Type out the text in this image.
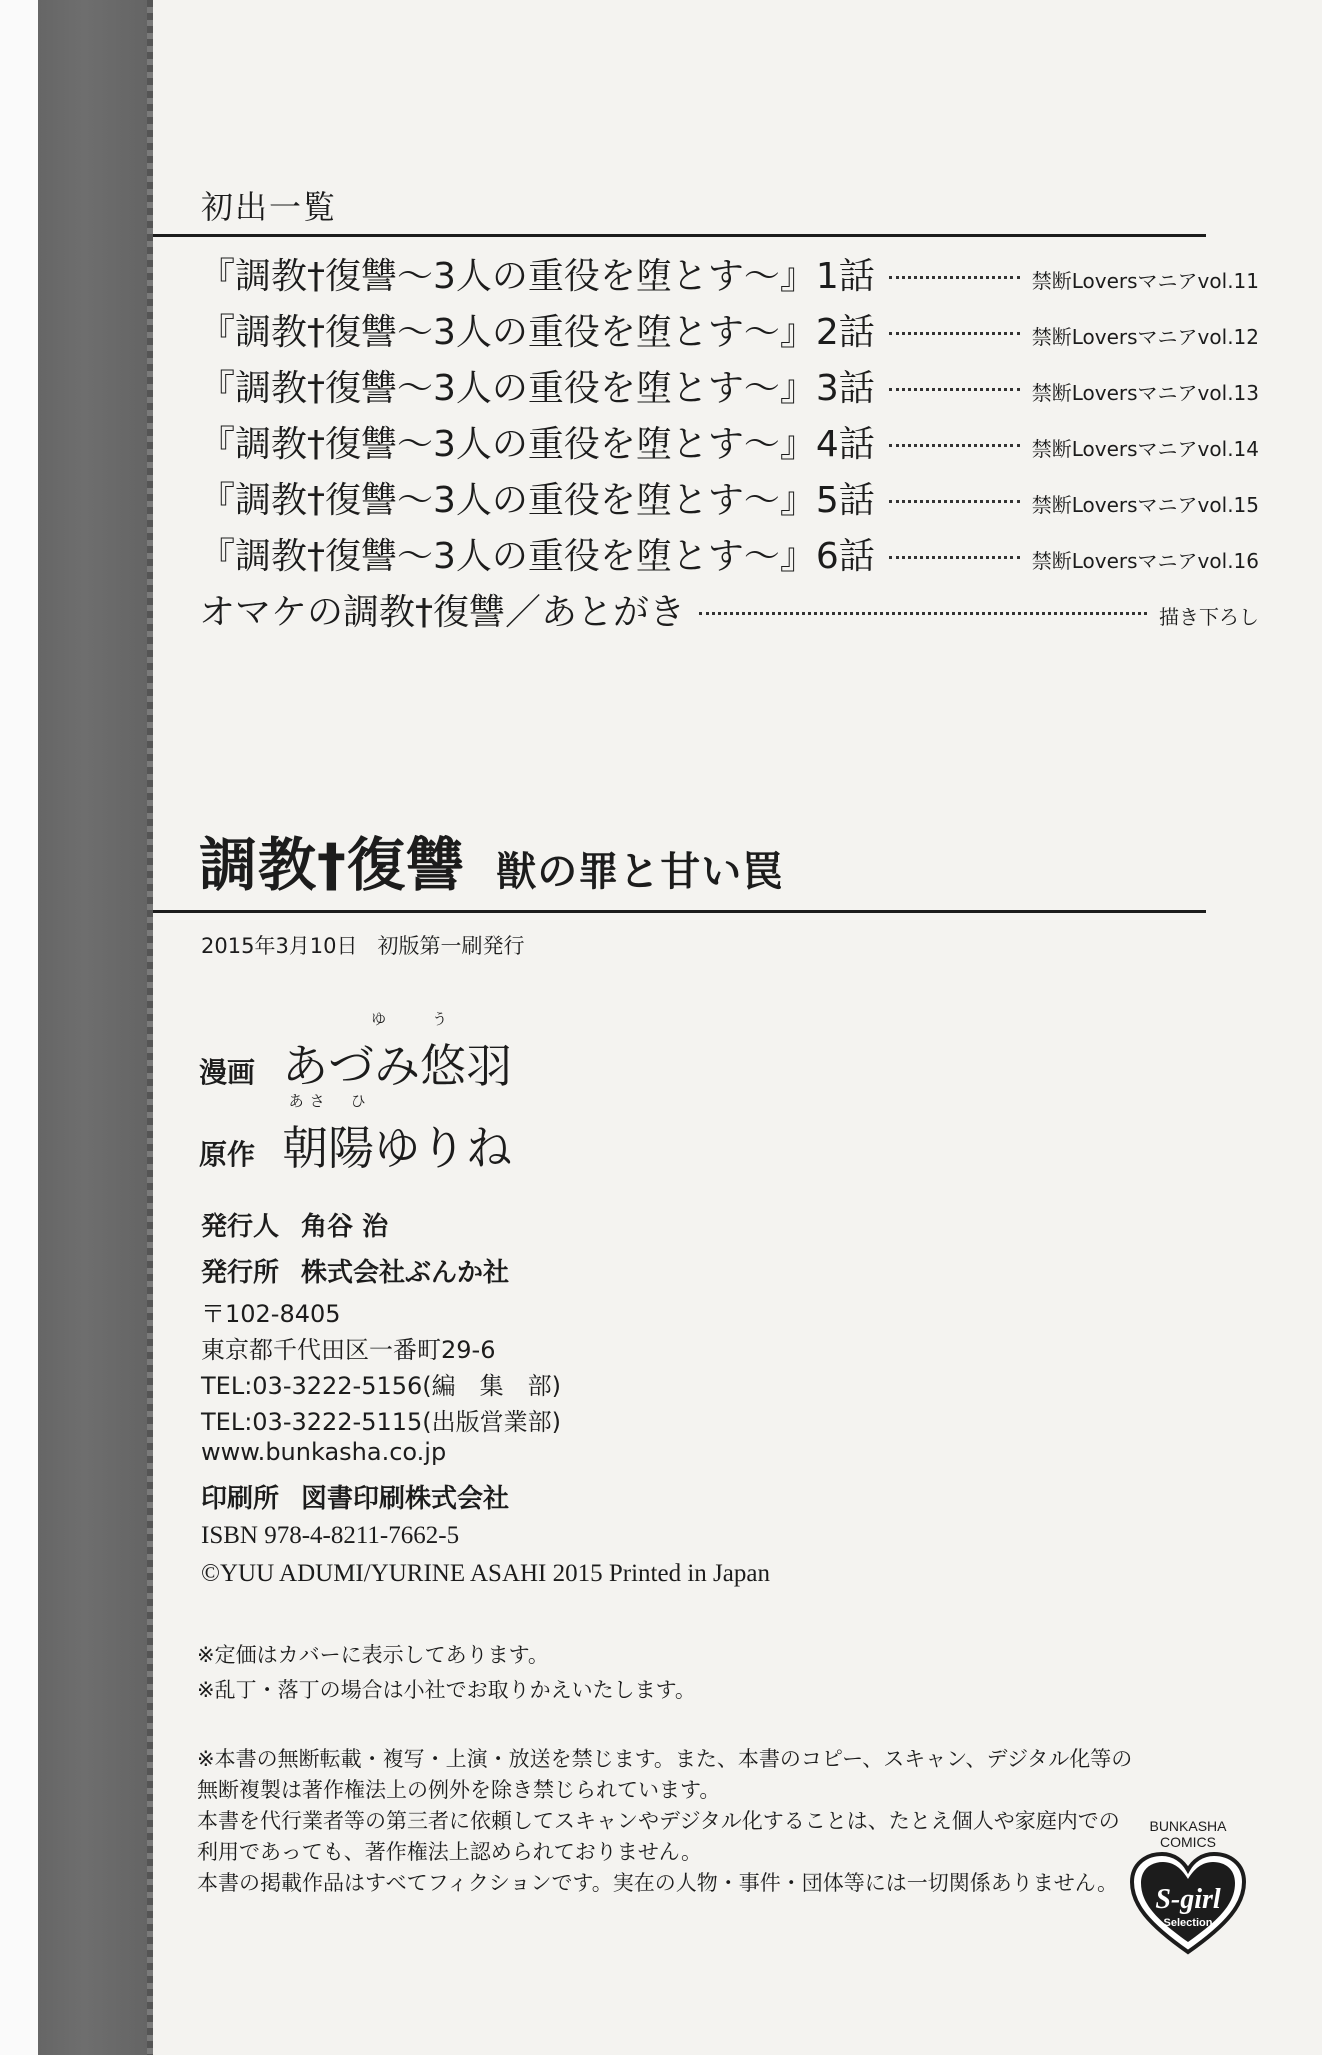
初出一覧
『調教†復讐～3人の重役を堕とす～』1話	禁断Loversマニアvol.11
『調教†復讐～3人の重役を堕とす～』2話	禁断Loversマニアvol.12
『調教†復讐～3人の重役を堕とす～』3話	禁断Loversマニアvol.13
『調教†復讐～3人の重役を堕とす～』4話	禁断Loversマニアvol.14
『調教†復讐～3人の重役を堕とす～』5話	禁断Loversマニアvol.15
『調教†復讐～3人の重役を堕とす～』6話	禁断Loversマニアvol.16
オマケの調教†復讐／あとがき	描き下ろし
調教†復讐 獣の罪と甘い罠
2015年3月10日 初版第一刷発行
漫画
ゆ	う
あづみ悠羽
原作
あさ ひ
朝陽ゆりね
発行人 角谷 治
発行所 株式会社ぶんか社
〒102-8405
東京都千代田区一番町29-6
TEL:03-3222-5156(編　集　部)
TEL:03-3222-5115(出版営業部)
www.bunkasha.co.jp
印刷所 図書印刷株式会社
ISBN 978-4-8211-7662-5
©YUU ADUMI/YURINE ASAHI 2015 Printed in Japan
※定価はカバーに表示してあります。
※乱丁・落丁の場合は小社でお取りかえいたします。
※本書の無断転載・複写・上演・放送を禁じます。また、本書のコピー、スキャン、デジタル化等の無断複製は著作権法上の例外を除き禁じられています。
本書を代行業者等の第三者に依頼してスキャンやデジタル化することは、たとえ個人や家庭内での利用であっても、著作権法上認められておりません。
本書の掲載作品はすべてフィクションです。実在の人物・事件・団体等には一切関係ありません。
BUNKASHA
COMICS
S-girl
Selection
